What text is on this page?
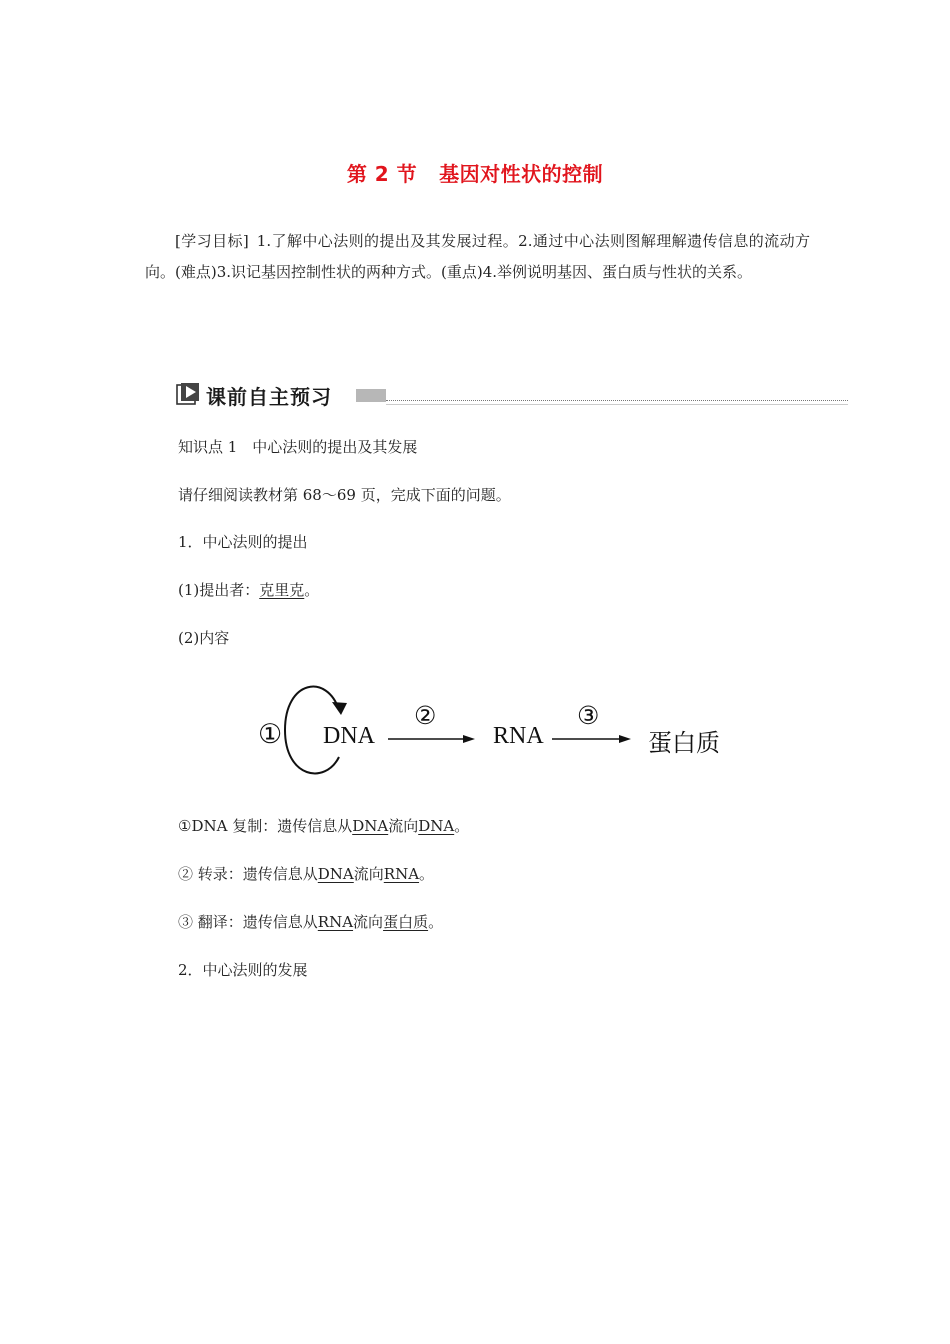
第 2 节 基因对性状的控制
[学习目标] 1.了解中心法则的提出及其发展过程。2.通过中心法则图解理解遗传信息的流动方向。(难点)3.识记基因控制性状的两种方式。(重点)4.举例说明基因、蛋白质与性状的关系。
课前自主预习
知识点 1　中心法则的提出及其发展
请仔细阅读教材第 68～69 页，完成下面的问题。
1．中心法则的提出
(1)提出者：克里克。
(2)内容
① DNA
②
RNA
③
蛋白质
①DNA 复制：遗传信息从DNA流向DNA。
② 转录：遗传信息从DNA流向RNA。
③ 翻译：遗传信息从RNA流向蛋白质。
2．中心法则的发展
